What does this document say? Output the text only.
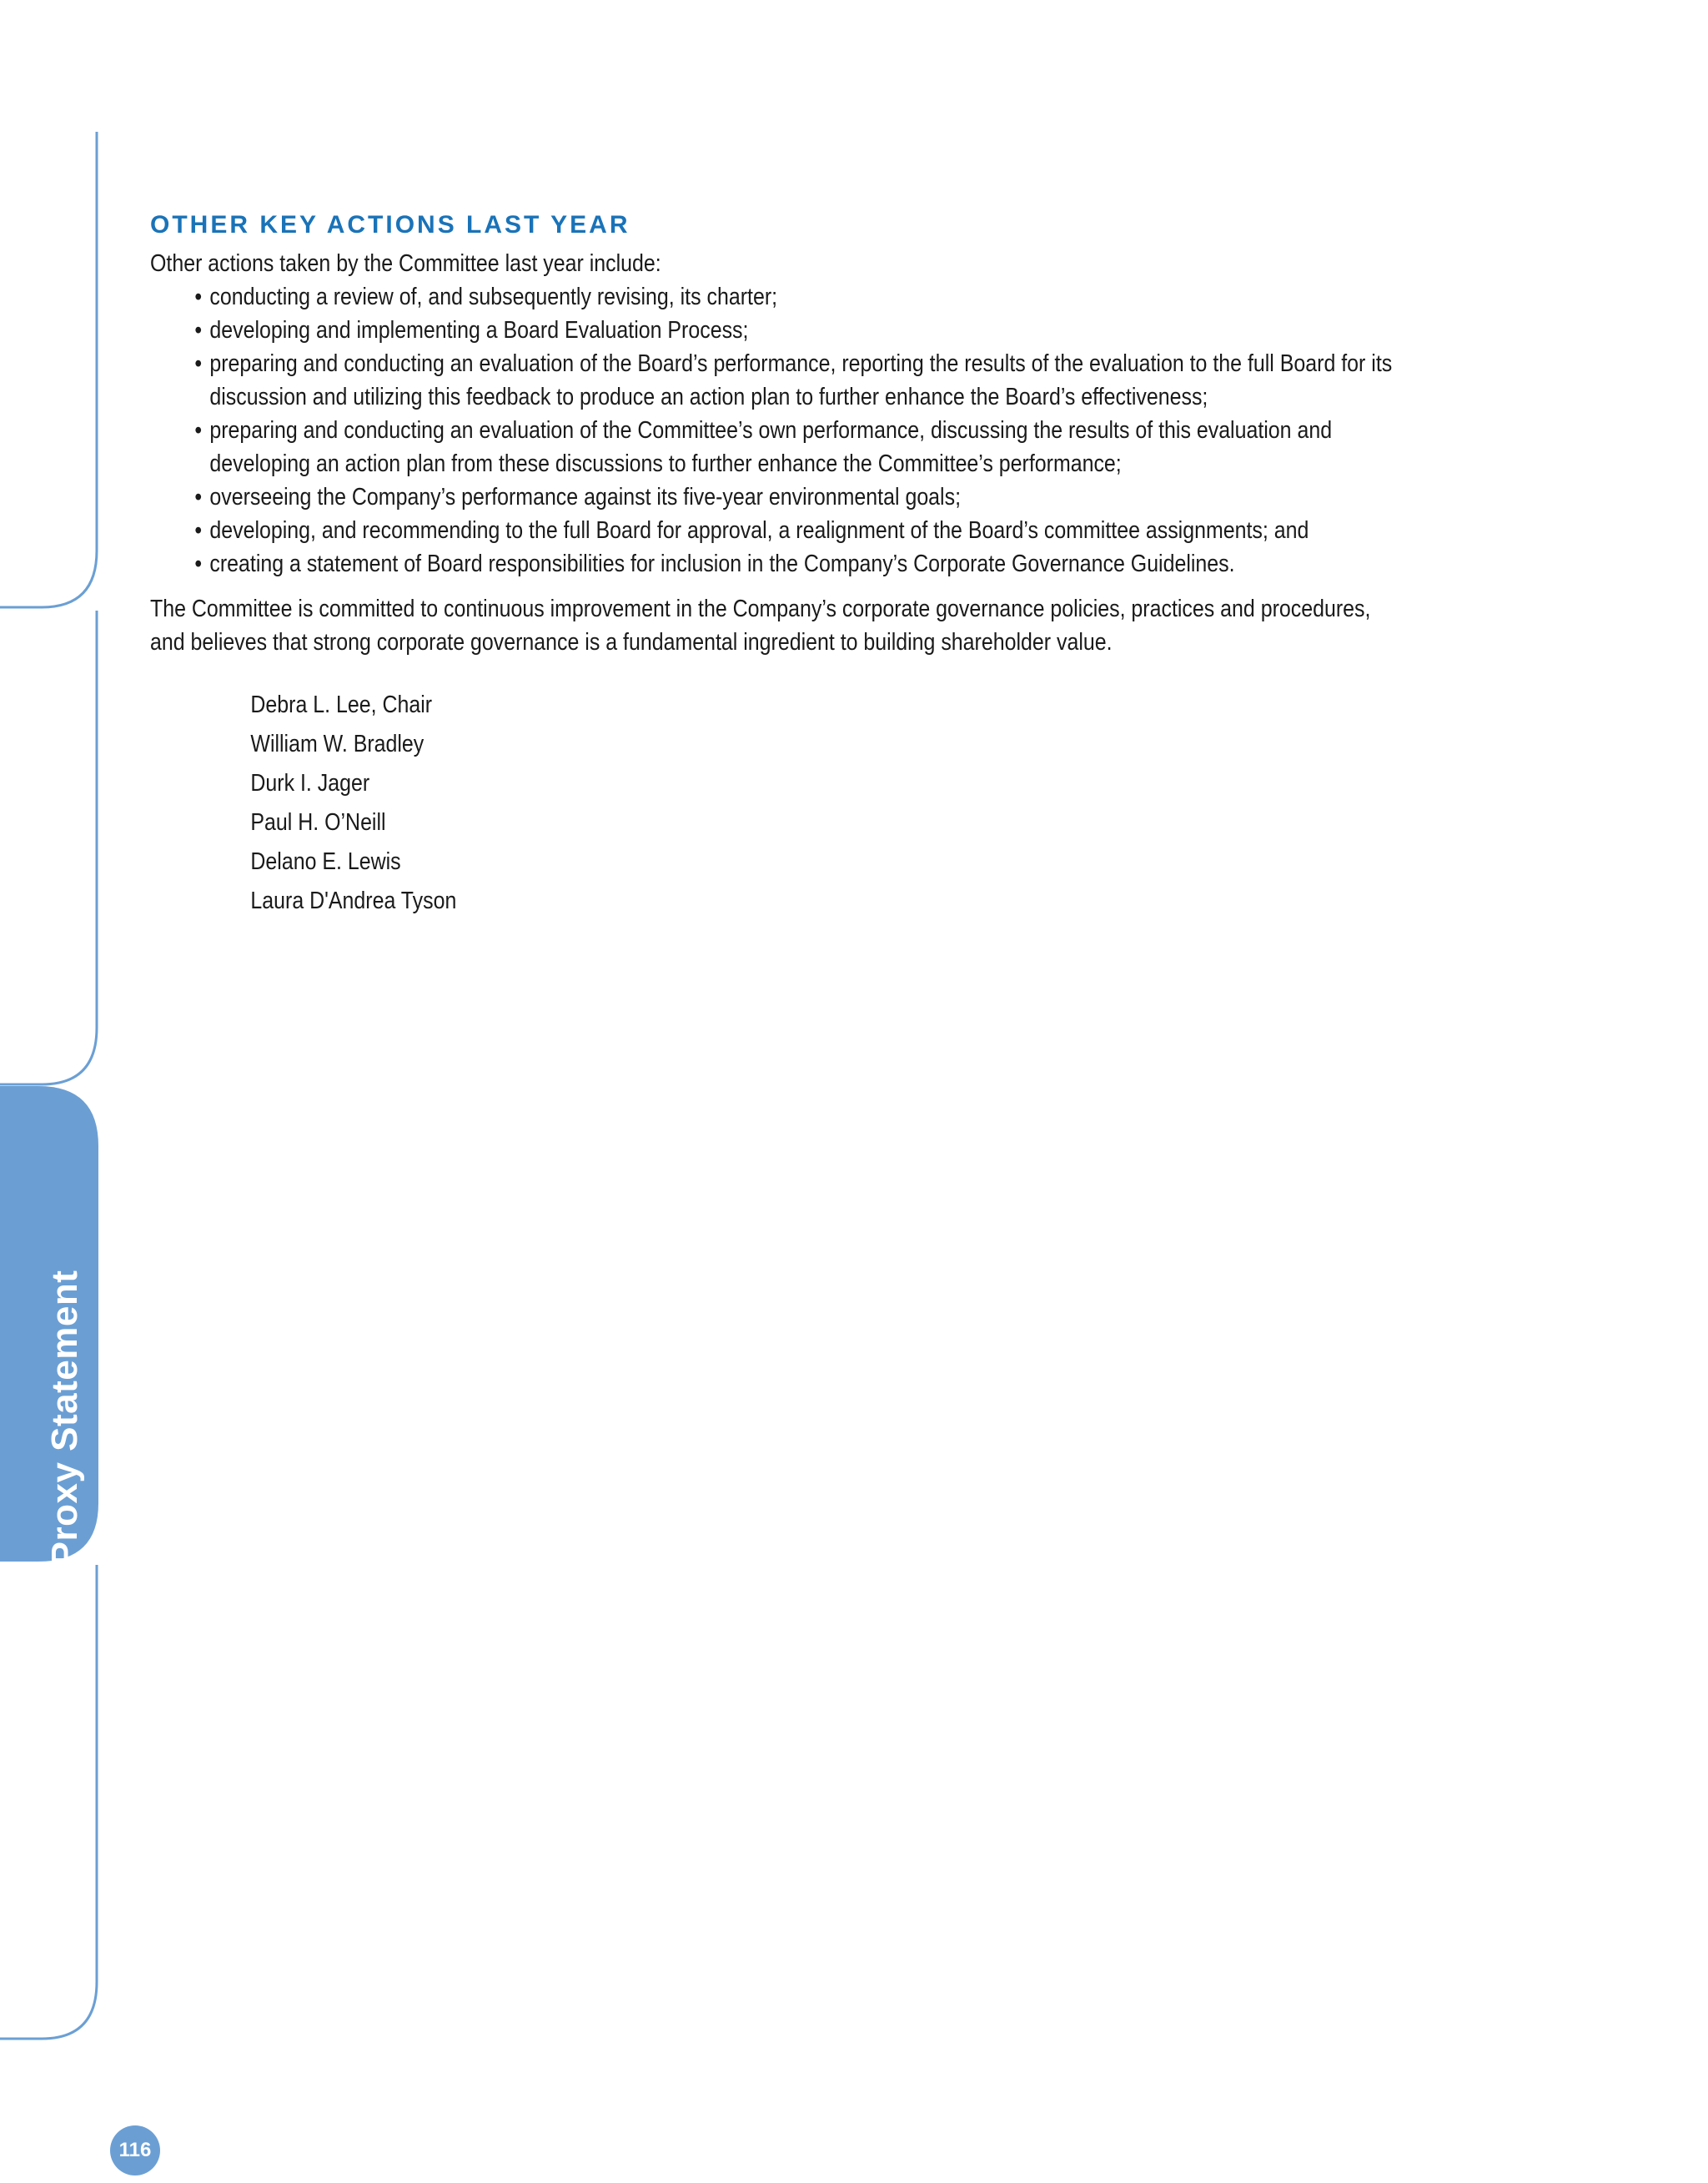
Proxy Statement
116
OTHER KEY ACTIONS LAST YEAR

Other actions taken by the Committee last year include:

• conducting a review of, and subsequently revising, its charter;
• developing and implementing a Board Evaluation Process;
• preparing and conducting an evaluation of the Board’s performance, reporting the results of the evaluation to the full Board for its discussion and utilizing this feedback to produce an action plan to further enhance the Board’s effectiveness;
• preparing and conducting an evaluation of the Committee’s own performance, discussing the results of this evaluation and developing an action plan from these discussions to further enhance the Committee’s performance;
• overseeing the Company’s performance against its five-year environmental goals;
• developing, and recommending to the full Board for approval, a realignment of the Board’s committee assignments; and
• creating a statement of Board responsibilities for inclusion in the Company’s Corporate Governance Guidelines.

The Committee is committed to continuous improvement in the Company’s corporate governance policies, practices and procedures, and believes that strong corporate governance is a fundamental ingredient to building shareholder value.

Debra L. Lee, Chair
William W. Bradley
Durk I. Jager
Paul H. O’Neill
Delano E. Lewis
Laura D'Andrea Tyson
